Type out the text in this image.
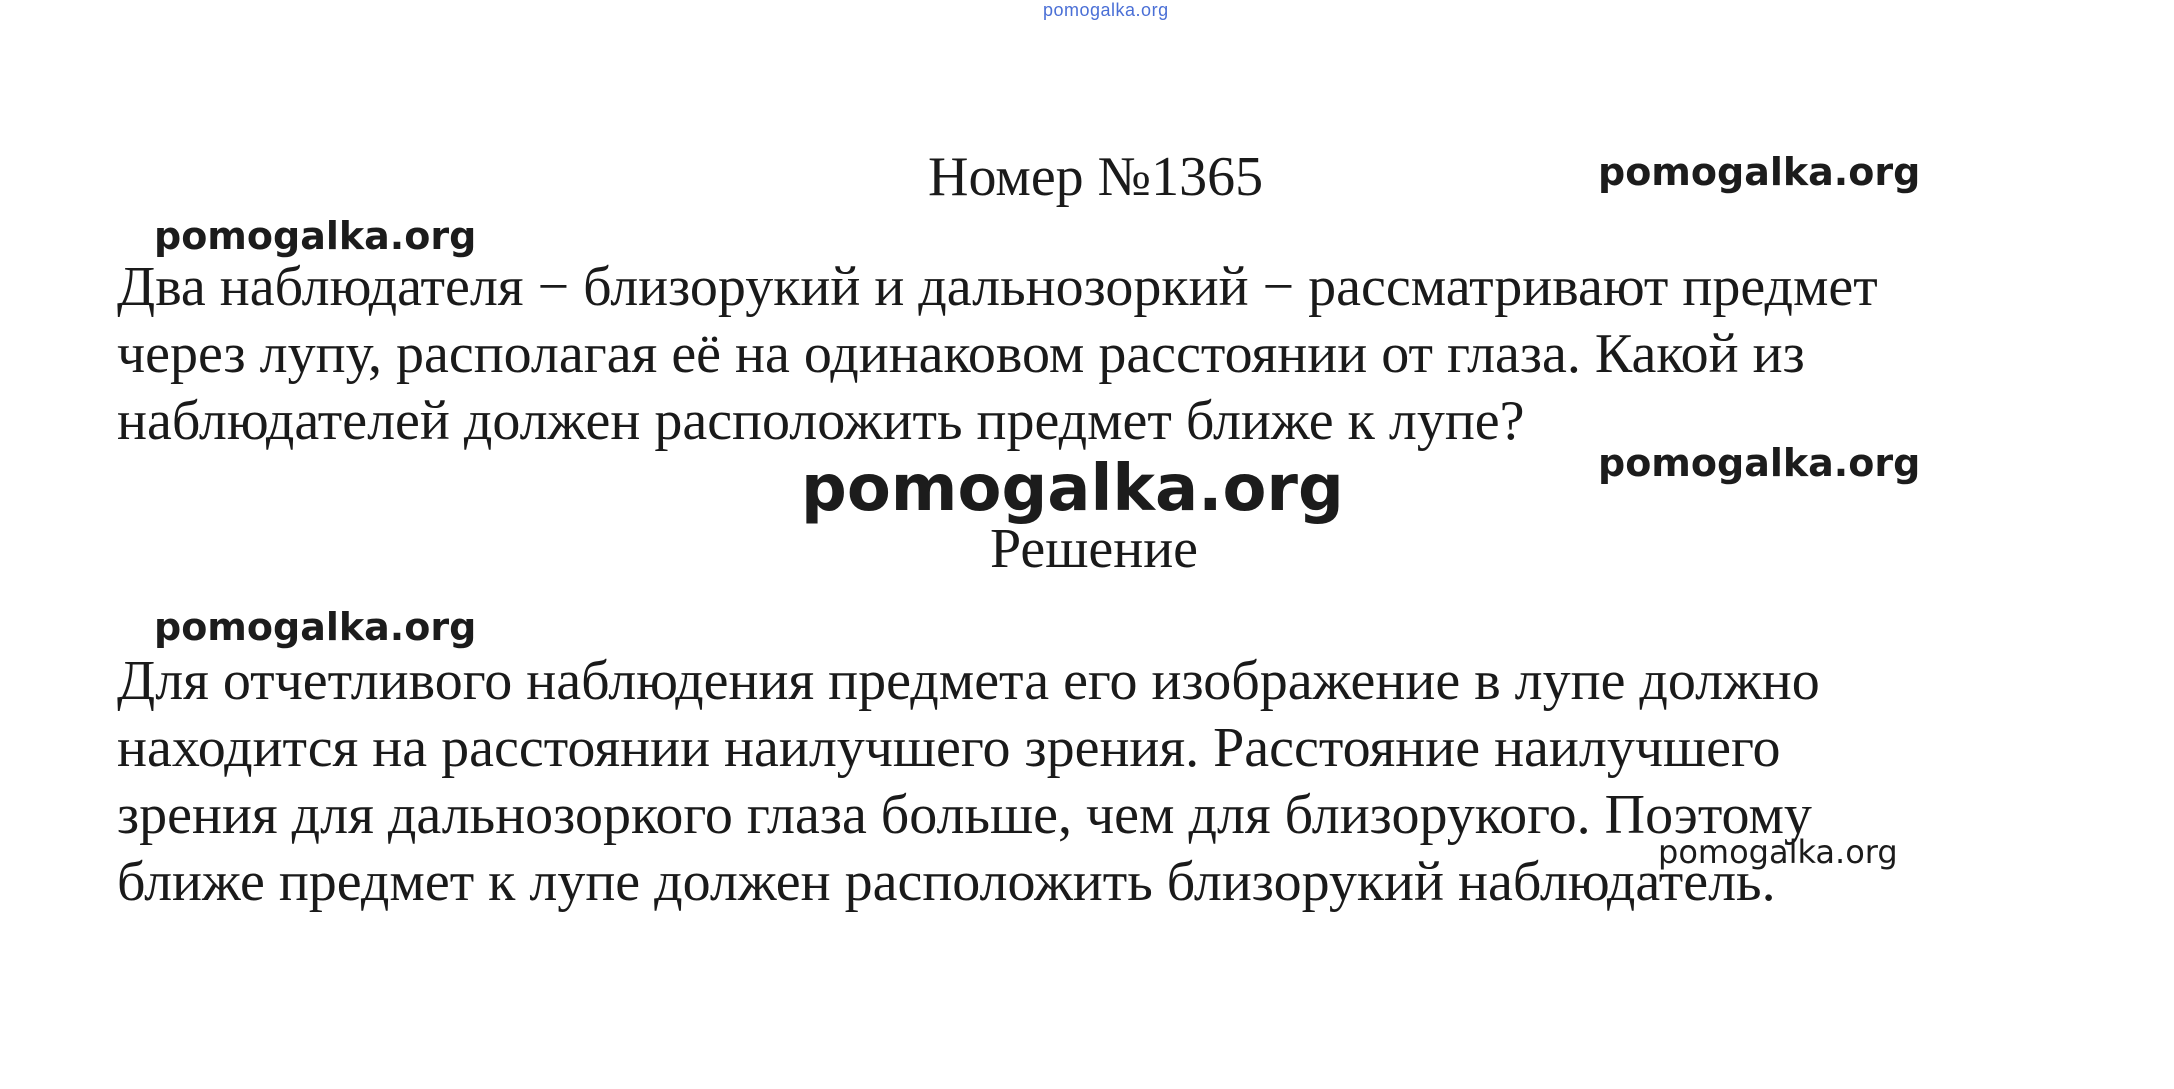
pomogalka.org
Номер №1365	pomogalka.org
pomogalka.org
Два наблюдателя − близорукий и дальнозоркий − рассматривают предмет
через лупу, располагая её на одинаковом расстоянии от глаза. Какой из
наблюдателей должен расположить предмет ближе к лупе?
pomogalka.org
pomogalka.org
Решение
pomogalka.org
Для отчетливого наблюдения предмета его изображение в лупе должно
находится на расстоянии наилучшего зрения. Расстояние наилучшего
зрения для дальнозоркого глаза больше, чем для близорукого. Поэтому
ближе предмет к лупе должен расположить близорукий наблюдатель.
pomogalka.org
